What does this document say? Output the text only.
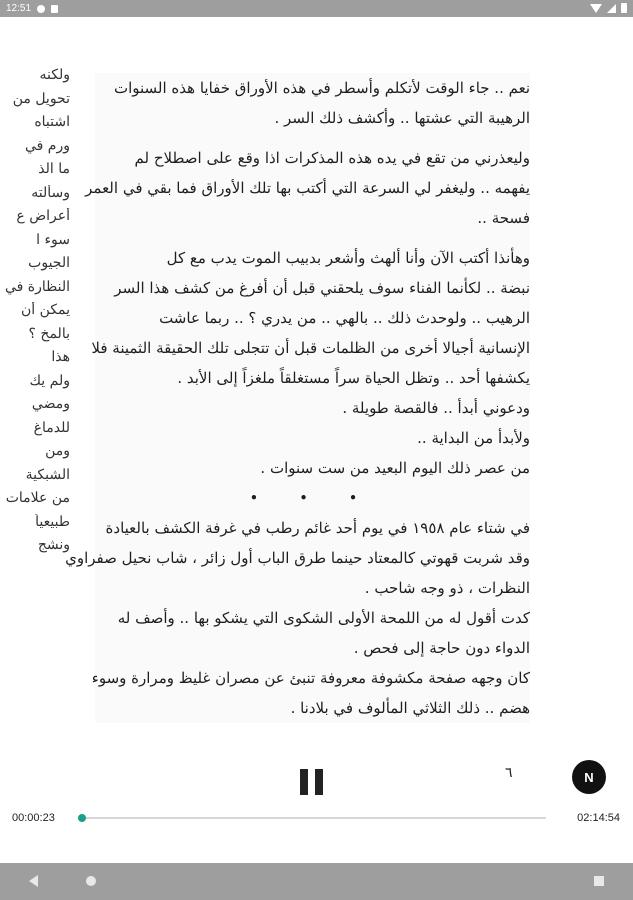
12:51
ولكنه
تحويل من
اشتباه
ورم في
ما الذ
وسألته
أعراض ع
سوء ا
الجيوب
النظارة في
يمكن أن
بالمخ ؟
هذا
ولم يك
ومضي
للدماغ
ومن
الشبكية
من علامات
طبيعياً
ونشج
نعم .. جاء الوقت لأتكلم وأسطر في هذه الأوراق خفايا هذه السنوات
الرهيبة التي عشتها .. وأكشف ذلك السر .
وليعذرني من تقع في يده هذه المذكرات اذا وقع على اصطلاح لم
يفهمه .. وليغفر لي السرعة التي أكتب بها تلك الأوراق فما بقي في العمر
فسحة ..
وهأنذا أكتب الآن وأنا ألهث وأشعر بدبيب الموت يدب مع كل
نبضة .. لكأنما الفناء سوف يلحقني قبل أن أفرغ من كشف هذا السر
الرهيب .. ولوحدث ذلك .. بالهي .. من يدري ؟ .. ربما عاشت
الإنسانية أجيالا أخرى من الظلمات قبل أن تتجلى تلك الحقيقة الثمينة فلا
يكشفها أحد .. وتظل الحياة سراً مستغلقاً ملغزاً إلى الأبد .
ودعوني أبدأ .. فالقصة طويلة .
ولأبدأ من البداية ..
من عصر ذلك اليوم البعيد من ست سنوات .
• • •
في شتاء عام ١٩٥٨ في يوم أحد غائم رطب في غرفة الكشف بالعيادة
وقد شربت قهوتي كالمعتاد حينما طرق الباب أول زائر ، شاب نحيل صفراوي
النظرات ، ذو وجه شاحب .
كدت أقول له من اللمحة الأولى الشكوى التي يشكو بها .. وأصف له
الدواء دون حاجة إلى فحص .
كان وجهه صفحة مكشوفة معروفة تنبئ عن مصران غليظ ومرارة وسوء
هضم .. ذلك الثلاثي المألوف في بلادنا .
٦	N
00:00:23	02:14:54
